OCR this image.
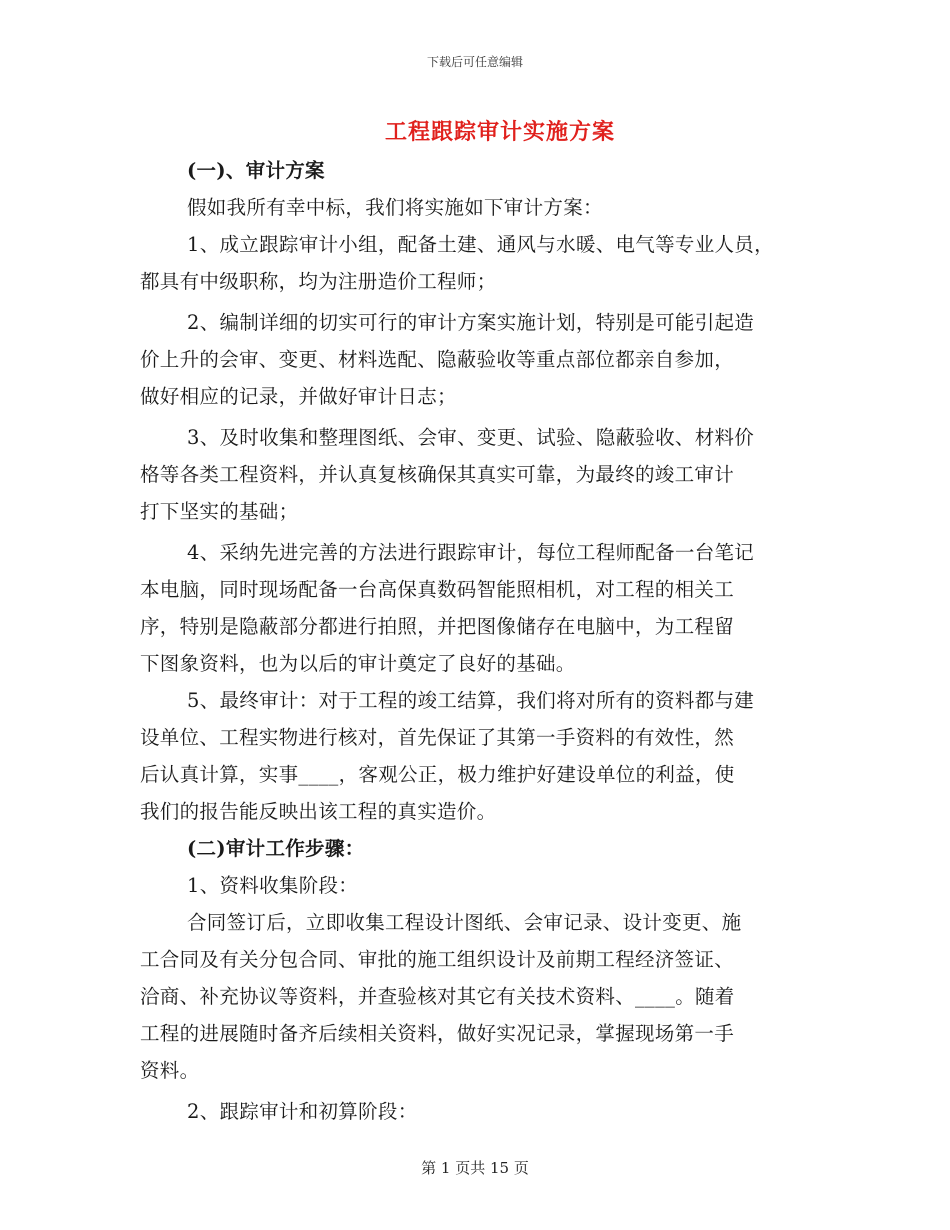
下载后可任意编辑
工程跟踪审计实施方案
(一)、审计方案
假如我所有幸中标，我们将实施如下审计方案：
1、成立跟踪审计小组，配备土建、通风与水暖、电气等专业人员，
都具有中级职称，均为注册造价工程师；
2、编制详细的切实可行的审计方案实施计划，特别是可能引起造
价上升的会审、变更、材料选配、隐蔽验收等重点部位都亲自参加，
做好相应的记录，并做好审计日志；
3、及时收集和整理图纸、会审、变更、试验、隐蔽验收、材料价
格等各类工程资料，并认真复核确保其真实可靠，为最终的竣工审计
打下坚实的基础；
4、采纳先进完善的方法进行跟踪审计，每位工程师配备一台笔记
本电脑，同时现场配备一台高保真数码智能照相机，对工程的相关工
序，特别是隐蔽部分都进行拍照，并把图像储存在电脑中，为工程留
下图象资料，也为以后的审计奠定了良好的基础。
5、最终审计：对于工程的竣工结算，我们将对所有的资料都与建
设单位、工程实物进行核对，首先保证了其第一手资料的有效性，然
后认真计算，实事____，客观公正，极力维护好建设单位的利益，使
我们的报告能反映出该工程的真实造价。
(二)审计工作步骤：
1、资料收集阶段：
合同签订后，立即收集工程设计图纸、会审记录、设计变更、施
工合同及有关分包合同、审批的施工组织设计及前期工程经济签证、
洽商、补充协议等资料，并查验核对其它有关技术资料、____。随着
工程的进展随时备齐后续相关资料，做好实况记录，掌握现场第一手
资料。
2、跟踪审计和初算阶段：
第 1 页共 15 页
